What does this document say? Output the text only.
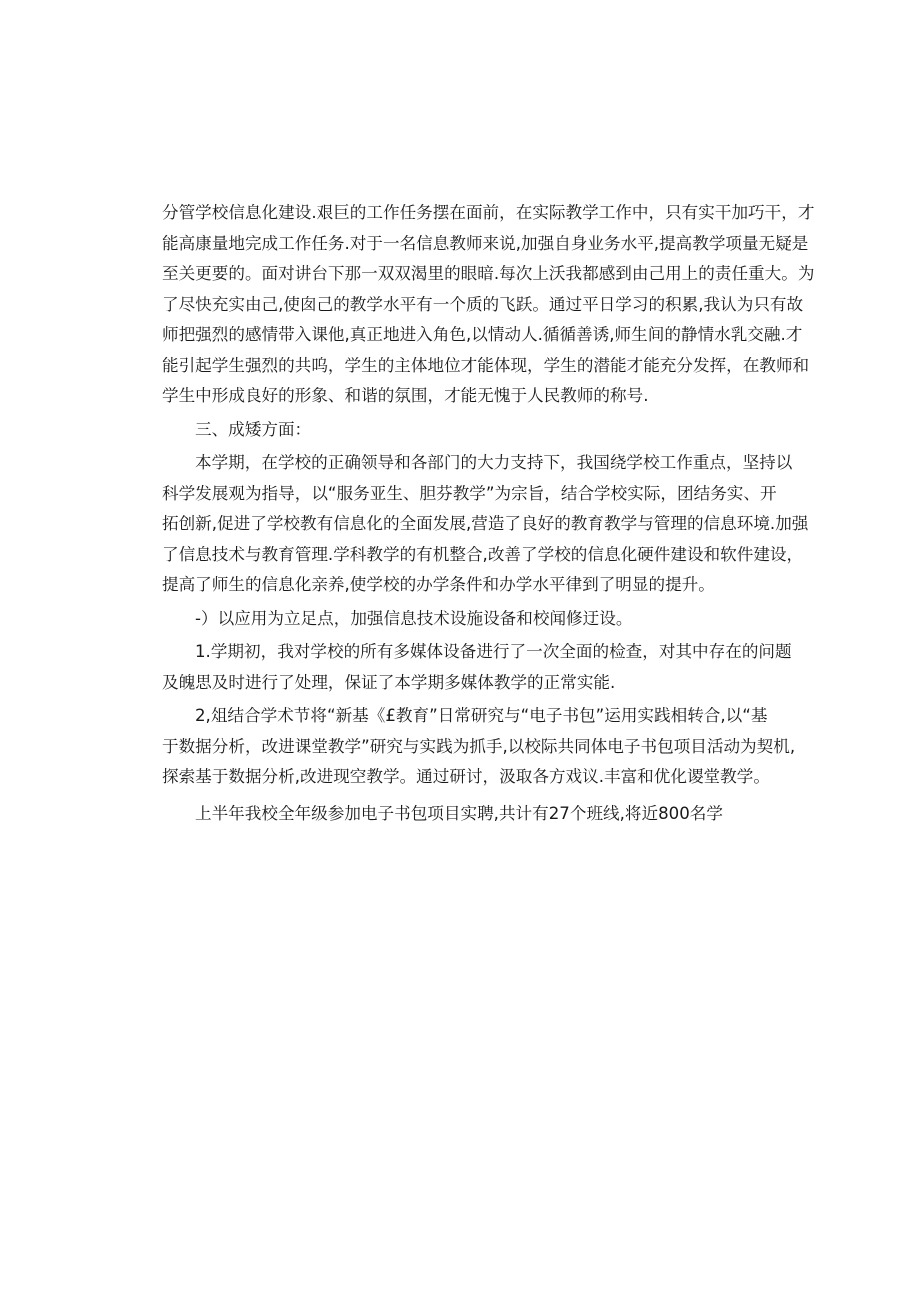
分管学校信息化建设.艰巨的工作任务摆在面前，在实际教学工作中，只有实干加巧干，才
能高康量地完成工作任务.对于一名信息教师来说,加强自身业务水平,提高教学项量无疑是
至关更要的。面对讲台下那一双双渴里的眼暗.每次上沃我都感到由己用上的责任重大。为
了尽快充实由己,使囱己的教学水平有一个质的飞跃。通过平日学习的积累,我认为只有故
师把强烈的感情带入课他,真正地进入角色,以情动人.循循善诱,师生间的静情水乳交融.才
能引起学生强烈的共呜，学生的主体地位才能体现，学生的潜能才能充分发挥，在教师和
学生中形成良好的形象、和谐的氛围，才能无愧于人民教师的称号.
三、成矮方面：
本学期，在学校的正确领导和各部门的大力支持下，我国绕学校工作重点，坚持以
科学发展观为指导，以“服务亚生、胆芬教学”为宗旨，结合学校实际，团结务实、开
拓创新,促进了学校教有信息化的全面发展,营造了良好的教育教学与管理的信息环境.加强
了信息技术与教育管理.学科教学的有机整合,改善了学校的信息化硬件建设和软件建设，
提高了师生的信息化亲养,使学校的办学条件和办学水平律到了明显的提升。
-）以应用为立足点，加强信息技术设施设备和校闻修迂设。
1.学期初，我对学校的所有多媒体设备进行了一次全面的检查，对其中存在的问题
及魄思及时进行了处理，保证了本学期多媒体教学的正常实能.
2,俎结合学术节将“新基《£教育”日常研究与“电子书包”运用实践相转合,以“基
于数据分析，改进课堂教学”研究与实践为抓手,以校际共同体电子书包项目活动为契机,
探索基于数据分析,改进现空教学。通过研讨，汲取各方戏议.丰富和优化谡堂教学。
上半年我校全年级参加电子书包项目实聘,共计有27个班线,将近800名学
